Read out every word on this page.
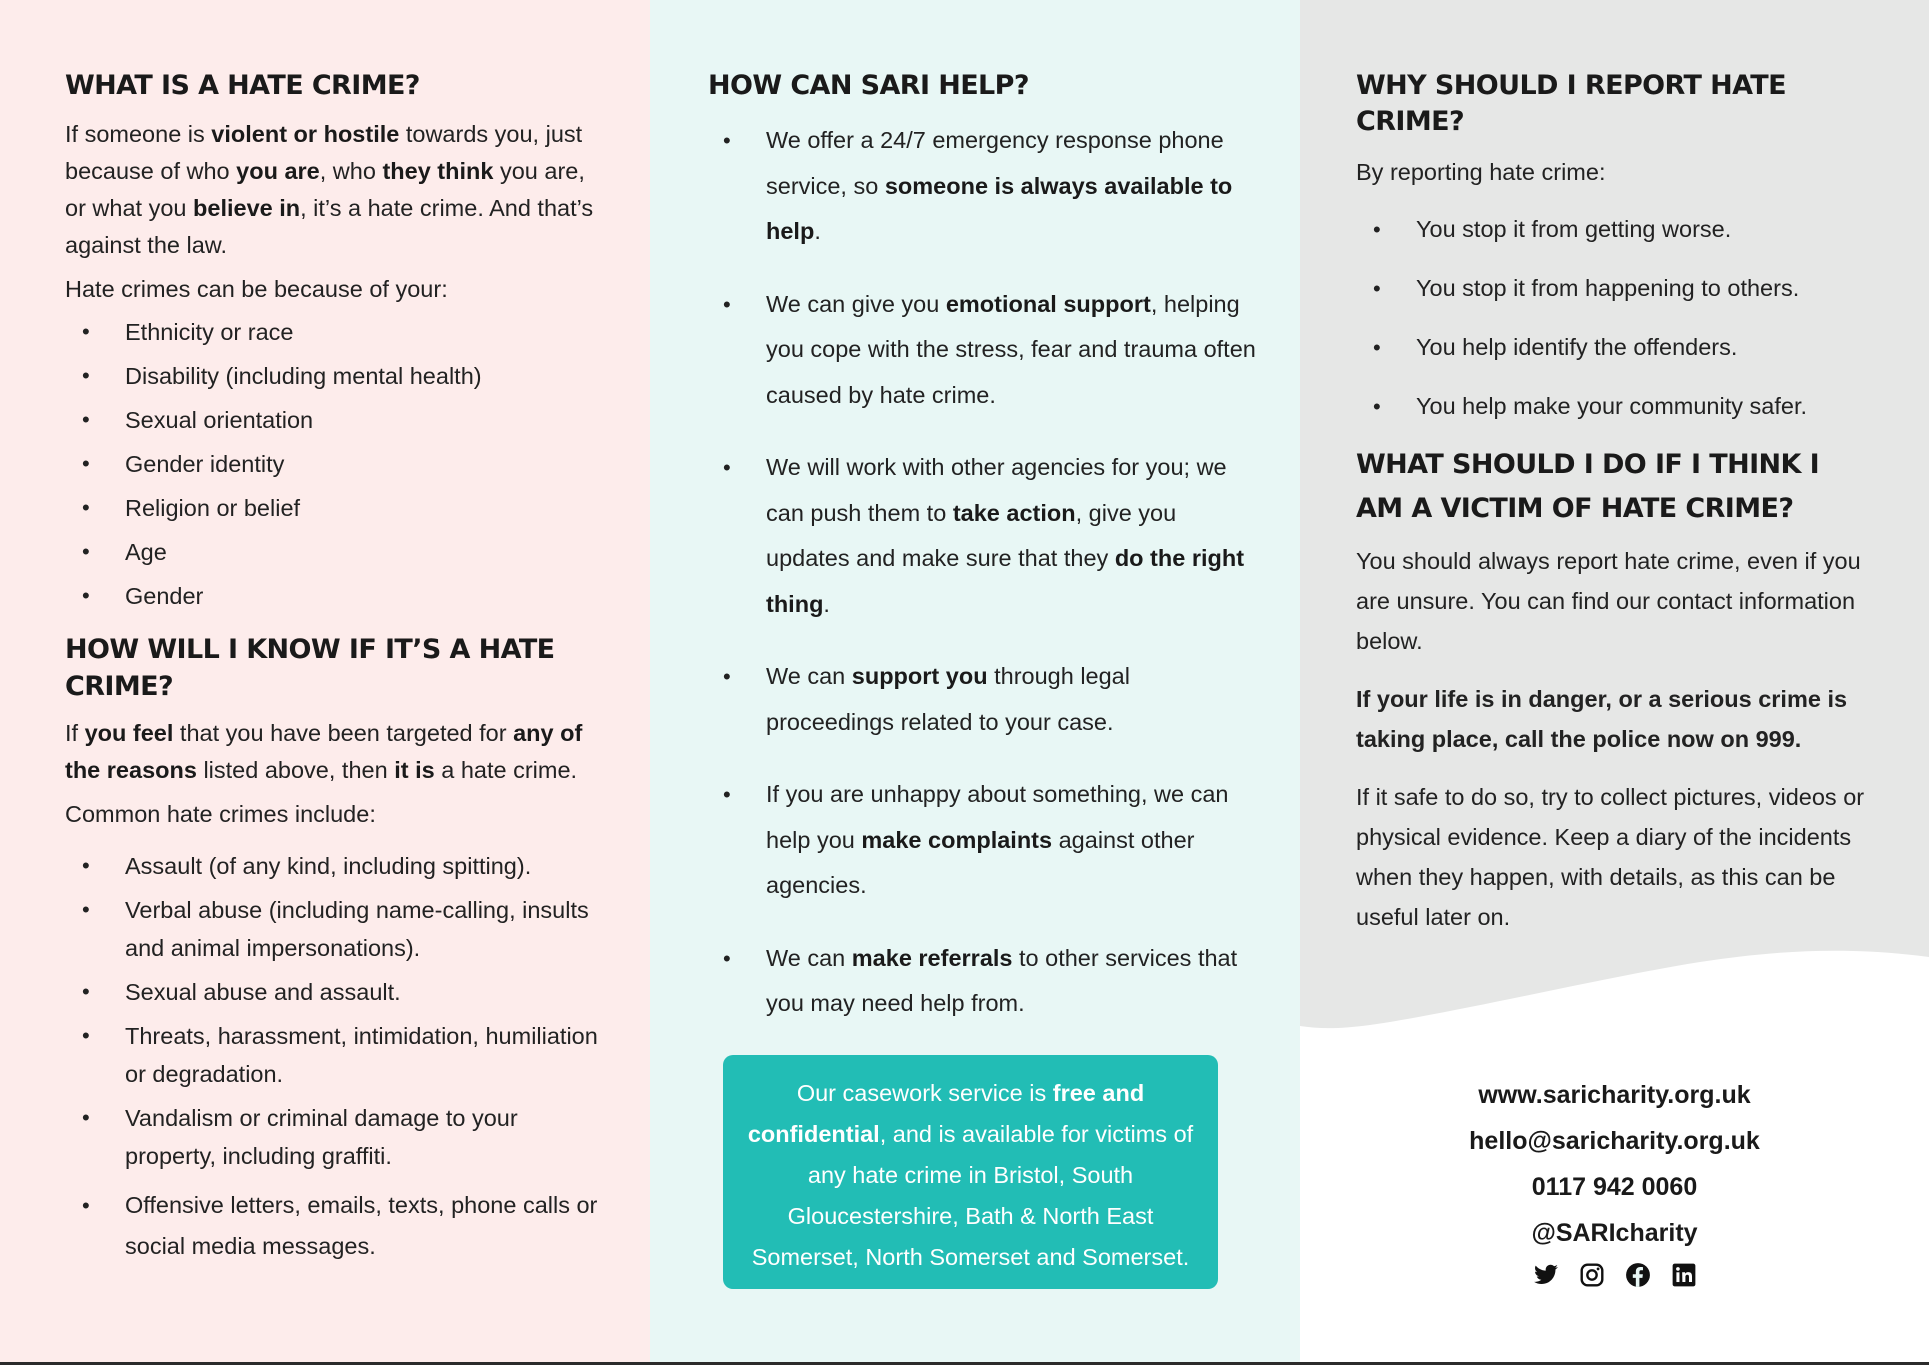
WHAT IS A HATE CRIME?

If someone is violent or hostile towards you, just because of who you are, who they think you are, or what you believe in, it’s a hate crime. And that’s against the law.

Hate crimes can be because of your:

• Ethnicity or race
• Disability (including mental health)
• Sexual orientation
• Gender identity
• Religion or belief
• Age
• Gender
HOW WILL I KNOW IF IT’S A HATE CRIME?

If you feel that you have been targeted for any of the reasons listed above, then it is a hate crime.

Common hate crimes include:

• Assault (of any kind, including spitting).
• Verbal abuse (including name-calling, insults and animal impersonations).
• Sexual abuse and assault.
• Threats, harassment, intimidation, humiliation or degradation.
• Vandalism or criminal damage to your property, including graffiti.
• Offensive letters, emails, texts, phone calls or social media messages.
HOW CAN SARI HELP?
• We offer a 24/7 emergency response phone service, so someone is always available to help.
• We can give you emotional support, helping you cope with the stress, fear and trauma often caused by hate crime.
• We will work with other agencies for you; we can push them to take action, give you updates and make sure that they do the right thing.
• We can support you through legal proceedings related to your case.
• If you are unhappy about something, we can help you make complaints against other agencies.
• We can make referrals to other services that you may need help from.
Our casework service is free and confidential, and is available for victims of any hate crime in Bristol, South Gloucestershire, Bath & North East Somerset, North Somerset and Somerset.
WHY SHOULD I REPORT HATE CRIME?

By reporting hate crime:

• You stop it from getting worse.
• You stop it from happening to others.
• You help identify the offenders.
• You help make your community safer.
WHAT SHOULD I DO IF I THINK I
AM A VICTIM OF HATE CRIME?

You should always report hate crime, even if you are unsure. You can find our contact information below.

If your life is in danger, or a serious crime is taking place, call the police now on 999.

If it safe to do so, try to collect pictures, videos or physical evidence. Keep a diary of the incidents when they happen, with details, as this can be useful later on.

www.saricharity.org.uk
hello@saricharity.org.uk
0117 942 0060
@SARIcharity
